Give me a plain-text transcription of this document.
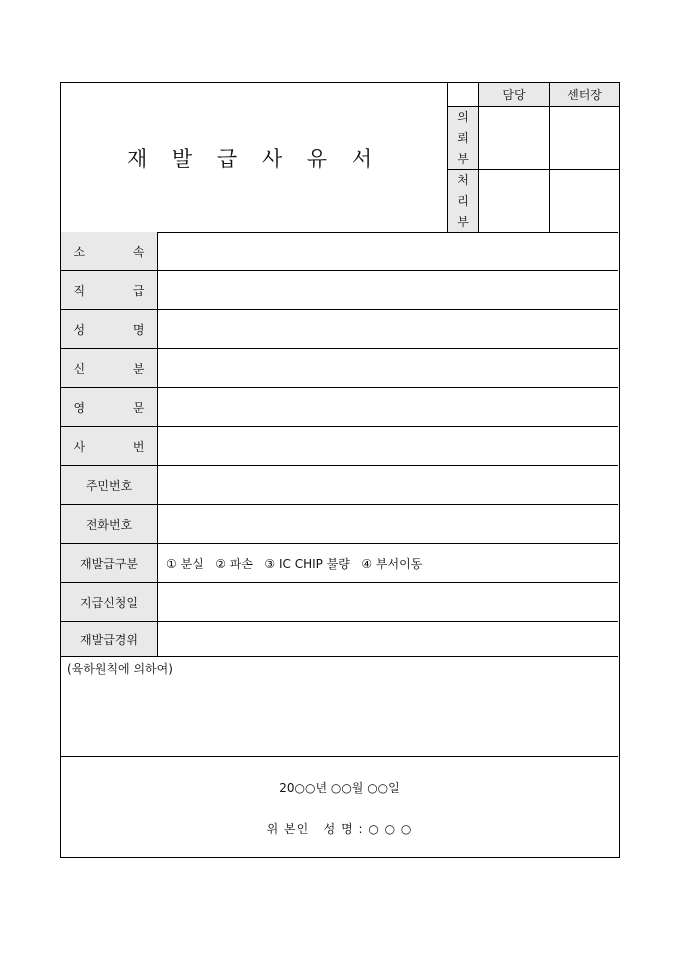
재 발 급 사 유 서
담당	센터장
의
뢰
부
처
리
부
소 속
직 급
성 명
신 분
영 문
사 번
주민번호
전화번호
재발급구분	① 분실   ② 파손   ③ IC CHIP 불량   ④ 부서이동
지급신청일
재발급경위
(육하원칙에 의하여)
20○○년 ○○월 ○○일
위 본인   성 명 : ○ ○ ○
